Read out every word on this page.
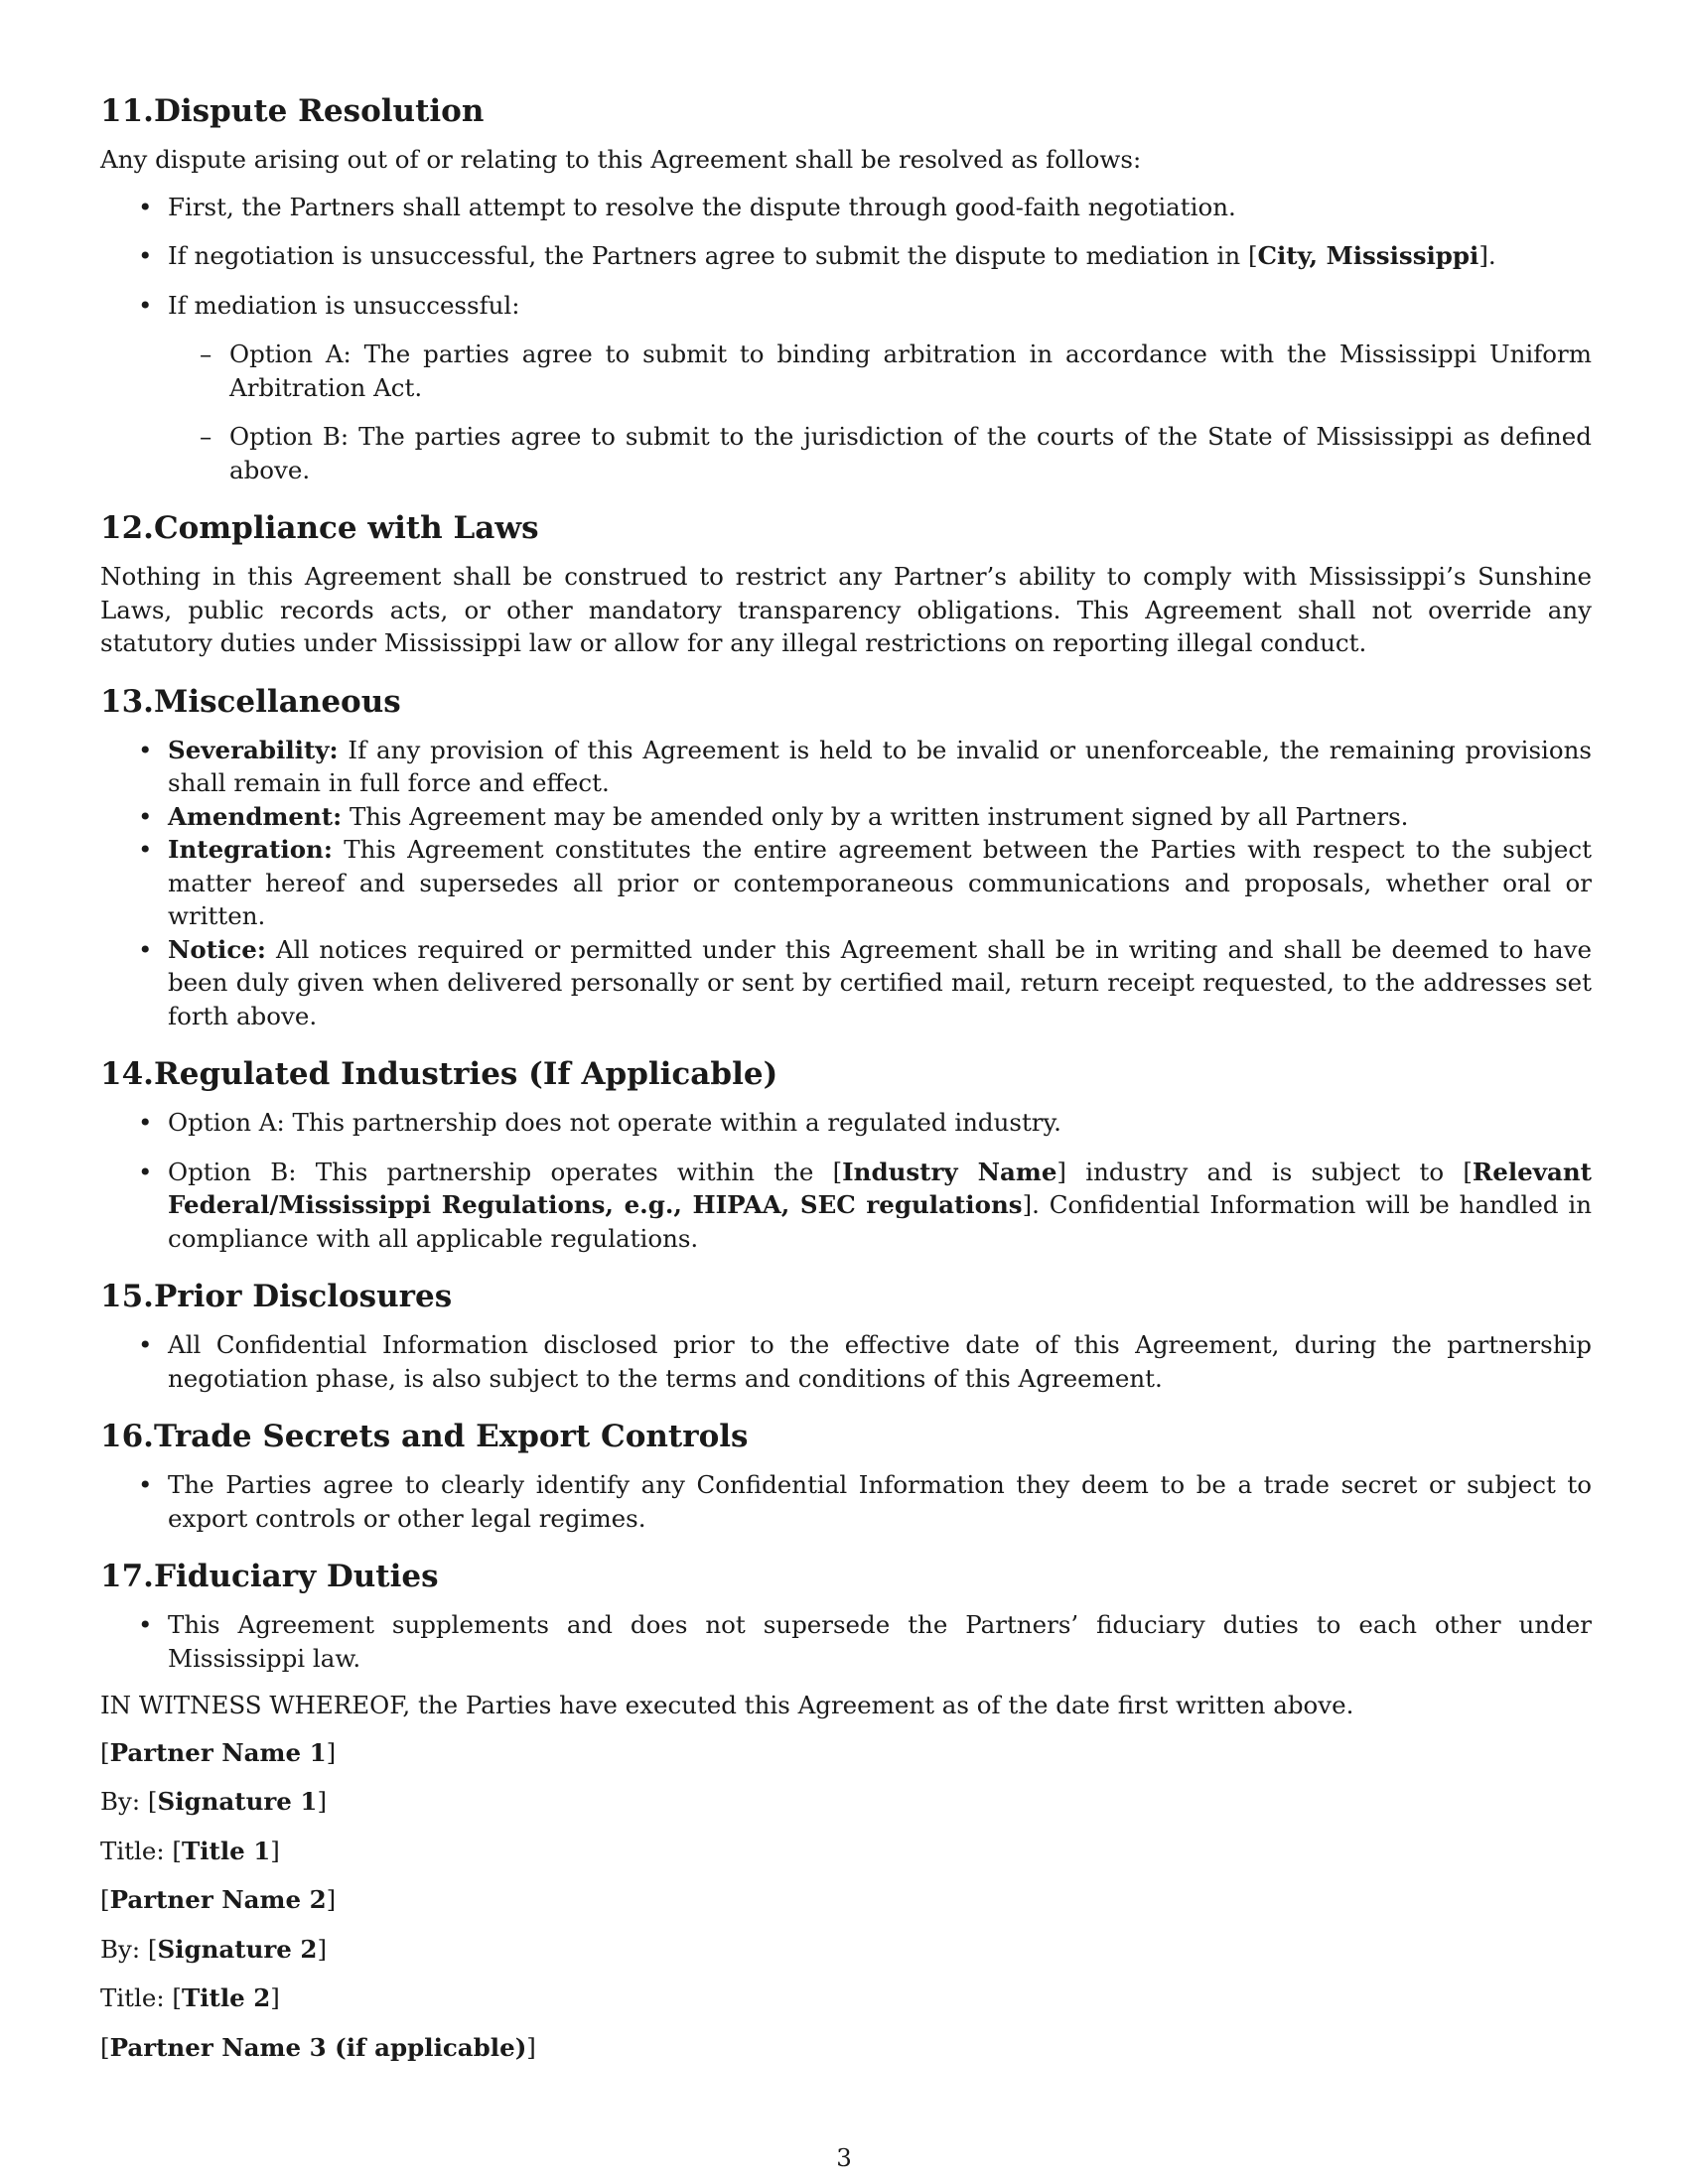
11.Dispute Resolution

Any dispute arising out of or relating to this Agreement shall be resolved as follows:

• First, the Partners shall attempt to resolve the dispute through good-faith negotiation.
• If negotiation is unsuccessful, the Partners agree to submit the dispute to mediation in [City, Mississippi].
• If mediation is unsuccessful:
– Option A: The parties agree to submit to binding arbitration in accordance with the Mississippi Uniform Arbitration Act.
– Option B: The parties agree to submit to the jurisdiction of the courts of the State of Mississippi as defined above.
12.Compliance with Laws

Nothing in this Agreement shall be construed to restrict any Partner’s ability to comply with Mississippi’s Sunshine Laws, public records acts, or other mandatory transparency obligations. This Agreement shall not override any statutory duties under Mississippi law or allow for any illegal restrictions on reporting illegal conduct.

13.Miscellaneous
• Severability: If any provision of this Agreement is held to be invalid or unenforceable, the remaining provisions shall remain in full force and effect.
• Amendment: This Agreement may be amended only by a written instrument signed by all Partners.
• Integration: This Agreement constitutes the entire agreement between the Parties with respect to the subject matter hereof and supersedes all prior or contemporaneous communications and proposals, whether oral or written.
• Notice: All notices required or permitted under this Agreement shall be in writing and shall be deemed to have been duly given when delivered personally or sent by certified mail, return receipt requested, to the addresses set forth above.
14.Regulated Industries (If Applicable)
• Option A: This partnership does not operate within a regulated industry.
• Option B: This partnership operates within the [Industry Name] industry and is subject to [Relevant Federal/Mississippi Regulations, e.g., HIPAA, SEC regulations]. Confidential Information will be handled in compliance with all applicable regulations.
15.Prior Disclosures
• All Confidential Information disclosed prior to the effective date of this Agreement, during the partnership negotiation phase, is also subject to the terms and conditions of this Agreement.
16.Trade Secrets and Export Controls
• The Parties agree to clearly identify any Confidential Information they deem to be a trade secret or subject to export controls or other legal regimes.
17.Fiduciary Duties
• This Agreement supplements and does not supersede the Partners’ fiduciary duties to each other under Mississippi law.

IN WITNESS WHEREOF, the Parties have executed this Agreement as of the date first written above.

[Partner Name 1]

By: [Signature 1]

Title: [Title 1]

[Partner Name 2]

By: [Signature 2]

Title: [Title 2]

[Partner Name 3 (if applicable)]

3
